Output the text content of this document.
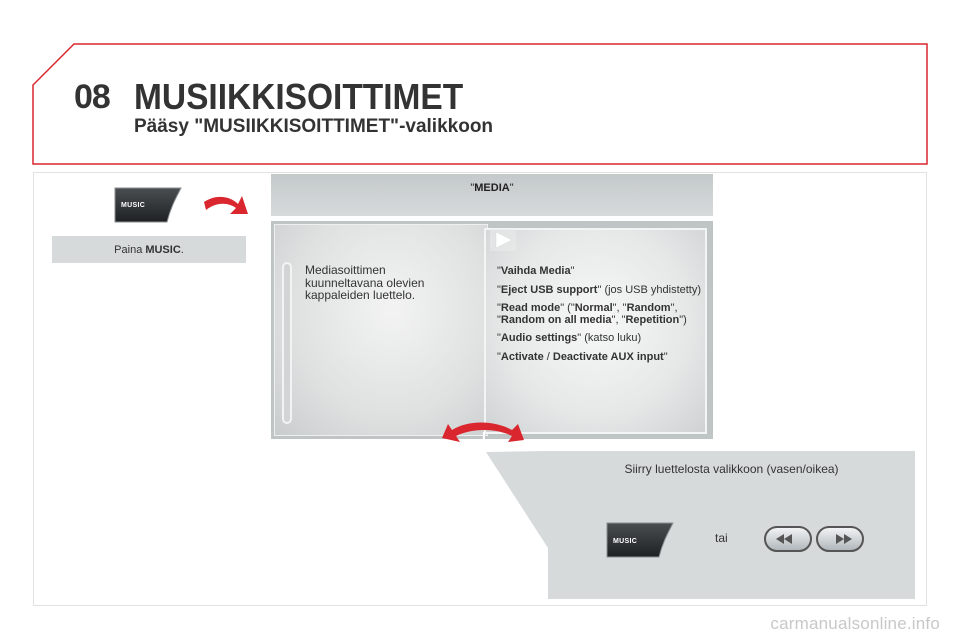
08 MUSIIKKISOITTIMET
Pääsy "MUSIIKKISOITTIMET"-valikkoon
MUSIC
Paina MUSIC .
"MEDIA"
Mediasoittimen kuunneltavana olevien kappaleiden luettelo.
"Vaihda Media"
"Eject USB support" (jos USB yhdistetty)
"Read mode" ("Normal", "Random", "Random on all media", "Repetition")
"Audio settings" (katso luku)
"Activate / Deactivate AUX input"
Siirry luettelosta valikkoon (vasen/oikea)
MUSIC	tai
carmanualsonline.info
